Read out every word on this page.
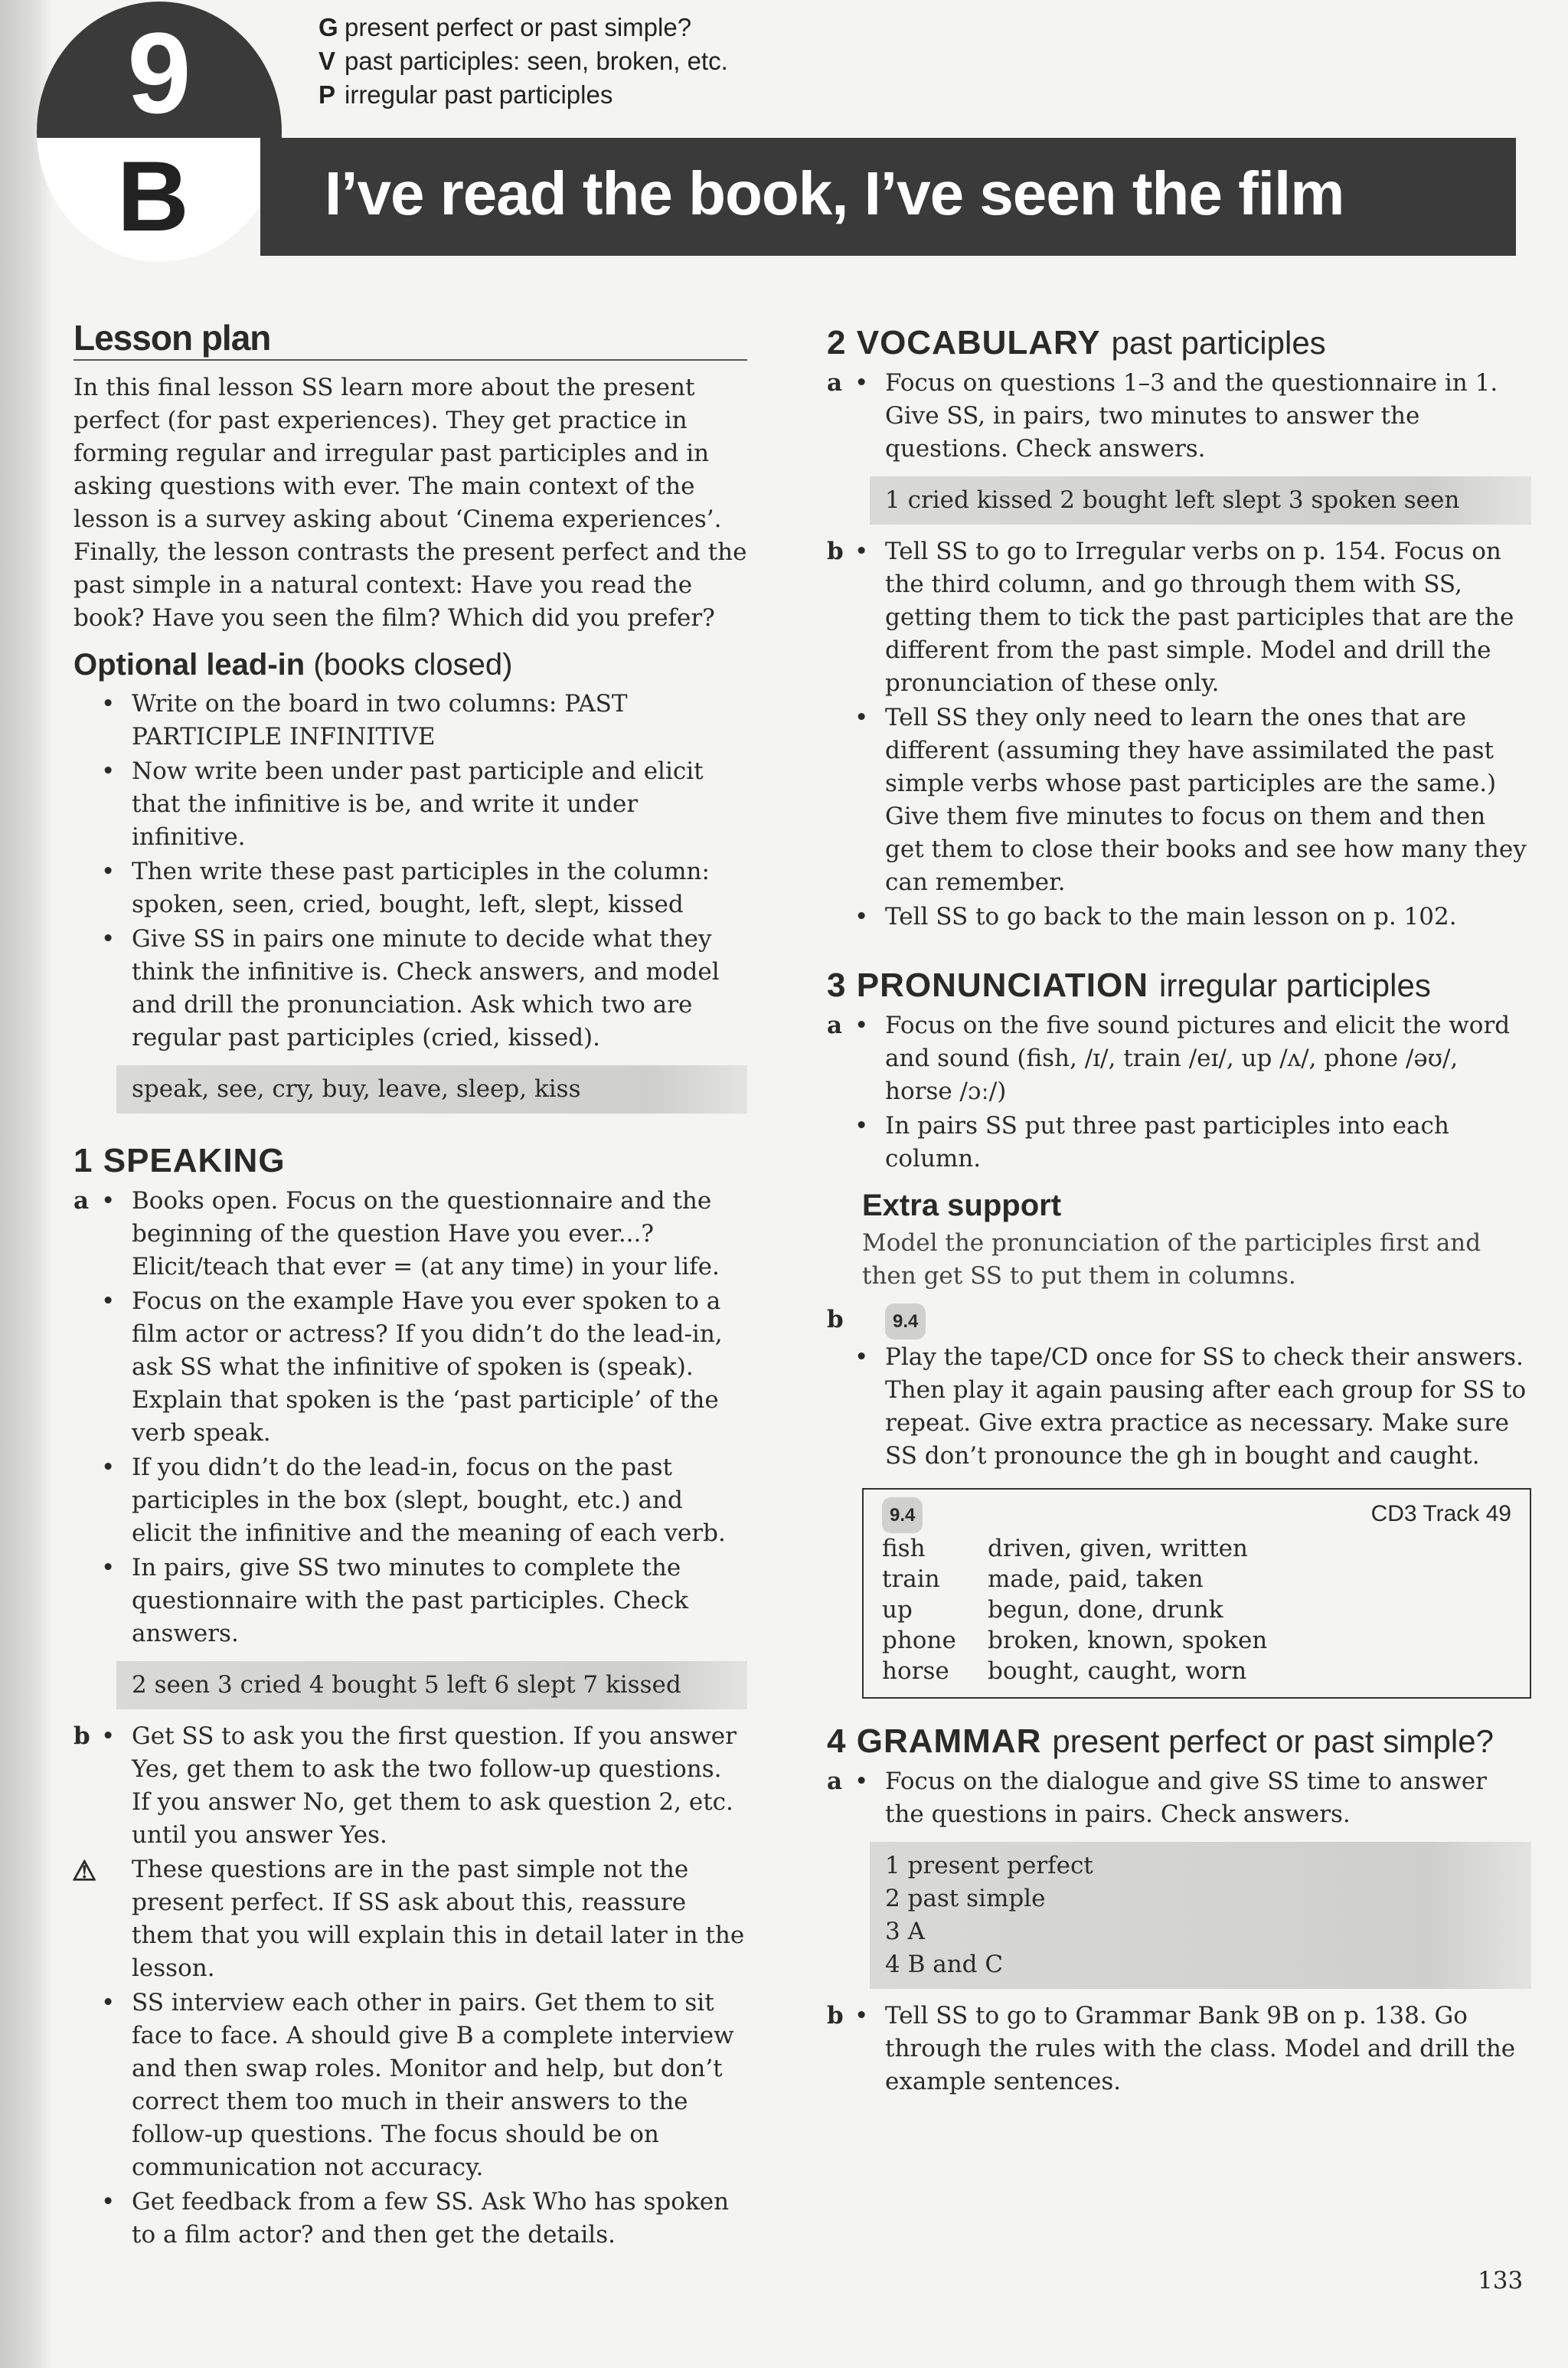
9
B
G present perfect or past simple?
V past participles: seen, broken, etc.
P irregular past participles
I’ve read the book, I’ve seen the film
Lesson plan

In this final lesson SS learn more about the present perfect (for past experiences). They get practice in forming regular and irregular past participles and in asking questions with ever. The main context of the lesson is a survey asking about ‘Cinema experiences’. Finally, the lesson contrasts the present perfect and the past simple in a natural context: Have you read the book? Have you seen the film? Which did you prefer?

Optional lead-in (books closed)
• Write on the board in two columns: PAST PARTICIPLE INFINITIVE
• Now write been under past participle and elicit that the infinitive is be, and write it under infinitive.
• Then write these past participles in the column: spoken, seen, cried, bought, left, slept, kissed
• Give SS in pairs one minute to decide what they think the infinitive is. Check answers, and model and drill the pronunciation. Ask which two are regular past participles (cried, kissed).
speak, see, cry, buy, leave, sleep, kiss
1 SPEAKING
a • Books open. Focus on the questionnaire and the beginning of the question Have you ever...? Elicit/teach that ever = (at any time) in your life.
• Focus on the example Have you ever spoken to a film actor or actress? If you didn’t do the lead-in, ask SS what the infinitive of spoken is (speak). Explain that spoken is the ‘past participle’ of the verb speak.
• If you didn’t do the lead-in, focus on the past participles in the box (slept, bought, etc.) and elicit the infinitive and the meaning of each verb.
• In pairs, give SS two minutes to complete the questionnaire with the past participles. Check answers.
2 seen 3 cried 4 bought 5 left 6 slept 7 kissed
b • Get SS to ask you the first question. If you answer Yes, get them to ask the two follow-up questions. If you answer No, get them to ask question 2, etc. until you answer Yes.
⚠ These questions are in the past simple not the present perfect. If SS ask about this, reassure them that you will explain this in detail later in the lesson.
• SS interview each other in pairs. Get them to sit face to face. A should give B a complete interview and then swap roles. Monitor and help, but don’t correct them too much in their answers to the follow-up questions. The focus should be on communication not accuracy.
• Get feedback from a few SS. Ask Who has spoken to a film actor? and then get the details.
2 VOCABULARY past participles
a • Focus on questions 1–3 and the questionnaire in 1. Give SS, in pairs, two minutes to answer the questions. Check answers.
1 cried kissed 2 bought left slept 3 spoken seen
b • Tell SS to go to Irregular verbs on p. 154. Focus on the third column, and go through them with SS, getting them to tick the past participles that are the different from the past simple. Model and drill the pronunciation of these only.
• Tell SS they only need to learn the ones that are different (assuming they have assimilated the past simple verbs whose past participles are the same.) Give them five minutes to focus on them and then get them to close their books and see how many they can remember.
• Tell SS to go back to the main lesson on p. 102.
3 PRONUNCIATION irregular participles
a • Focus on the five sound pictures and elicit the word and sound (fish, /ɪ/, train /eɪ/, up /ʌ/, phone /əʊ/, horse /ɔː/)
• In pairs SS put three past participles into each column.
Extra support

Model the pronunciation of the participles first and then get SS to put them in columns.

b	9.4
• Play the tape/CD once for SS to check their answers. Then play it again pausing after each group for SS to repeat. Give extra practice as necessary. Make sure SS don’t pronounce the gh in bought and caught.
9.4	CD3 Track 49
fish	driven, given, written
train	made, paid, taken
up	begun, done, drunk
phone	broken, known, spoken
horse	bought, caught, worn
4 GRAMMAR present perfect or past simple?
a • Focus on the dialogue and give SS time to answer the questions in pairs. Check answers.
1 present perfect
2 past simple
3 A
4 B and C
b • Tell SS to go to Grammar Bank 9B on p. 138. Go through the rules with the class. Model and drill the example sentences.
133
